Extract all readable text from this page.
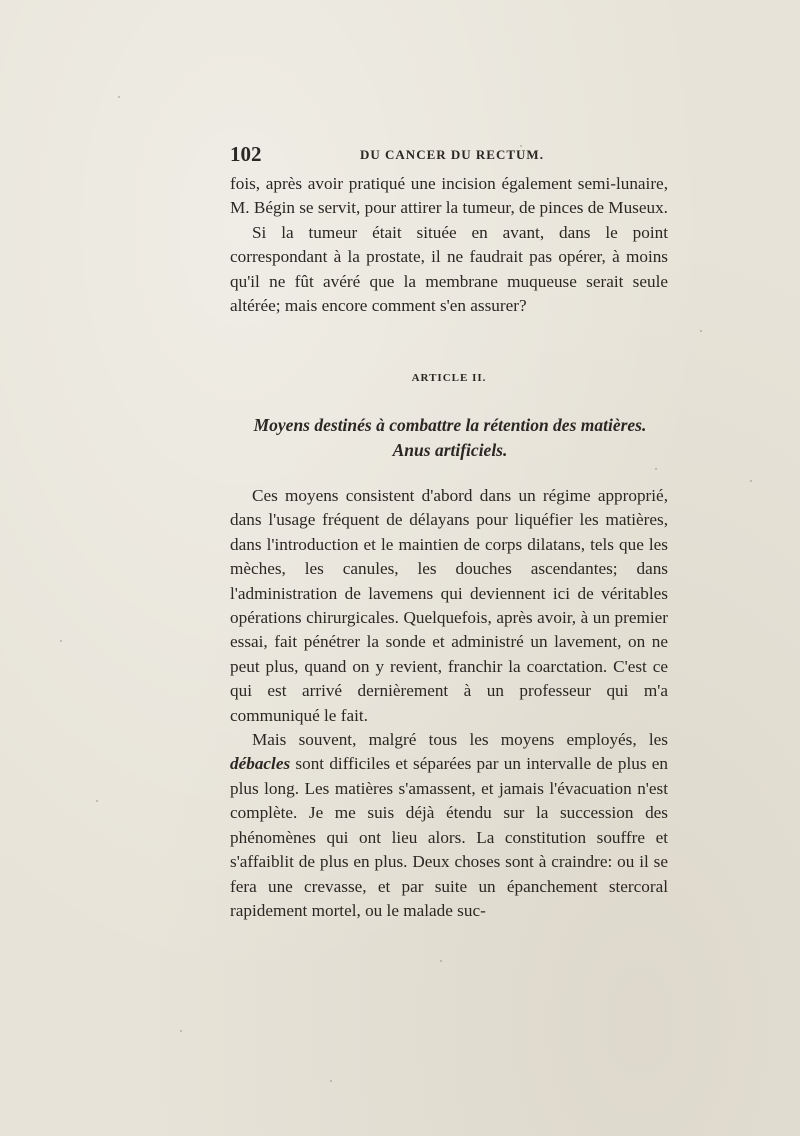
102	DU CANCER DU RECTUM.

fois, après avoir pratiqué une incision également semi-lunaire, M. Bégin se servit, pour attirer la tumeur, de pinces de Museux.

Si la tumeur était située en avant, dans le point correspondant à la prostate, il ne faudrait pas opérer, à moins qu'il ne fût avéré que la membrane muqueuse serait seule altérée; mais encore comment s'en assurer?

ARTICLE II.
Moyens destinés à combattre la rétention des matières.
Anus artificiels.

Ces moyens consistent d'abord dans un régime approprié, dans l'usage fréquent de délayans pour liquéfier les matières, dans l'introduction et le maintien de corps dilatans, tels que les mèches, les canules, les douches ascendantes; dans l'administration de lavemens qui deviennent ici de véritables opérations chirurgicales. Quelquefois, après avoir, à un premier essai, fait pénétrer la sonde et administré un lavement, on ne peut plus, quand on y revient, franchir la coarctation. C'est ce qui est arrivé dernièrement à un professeur qui m'a communiqué le fait.

Mais souvent, malgré tous les moyens employés, les débacles sont difficiles et séparées par un intervalle de plus en plus long. Les matières s'amassent, et jamais l'évacuation n'est complète. Je me suis déjà étendu sur la succession des phénomènes qui ont lieu alors. La constitution souffre et s'affaiblit de plus en plus. Deux choses sont à craindre: ou il se fera une crevasse, et par suite un épanchement stercoral rapidement mortel, ou le malade suc-
